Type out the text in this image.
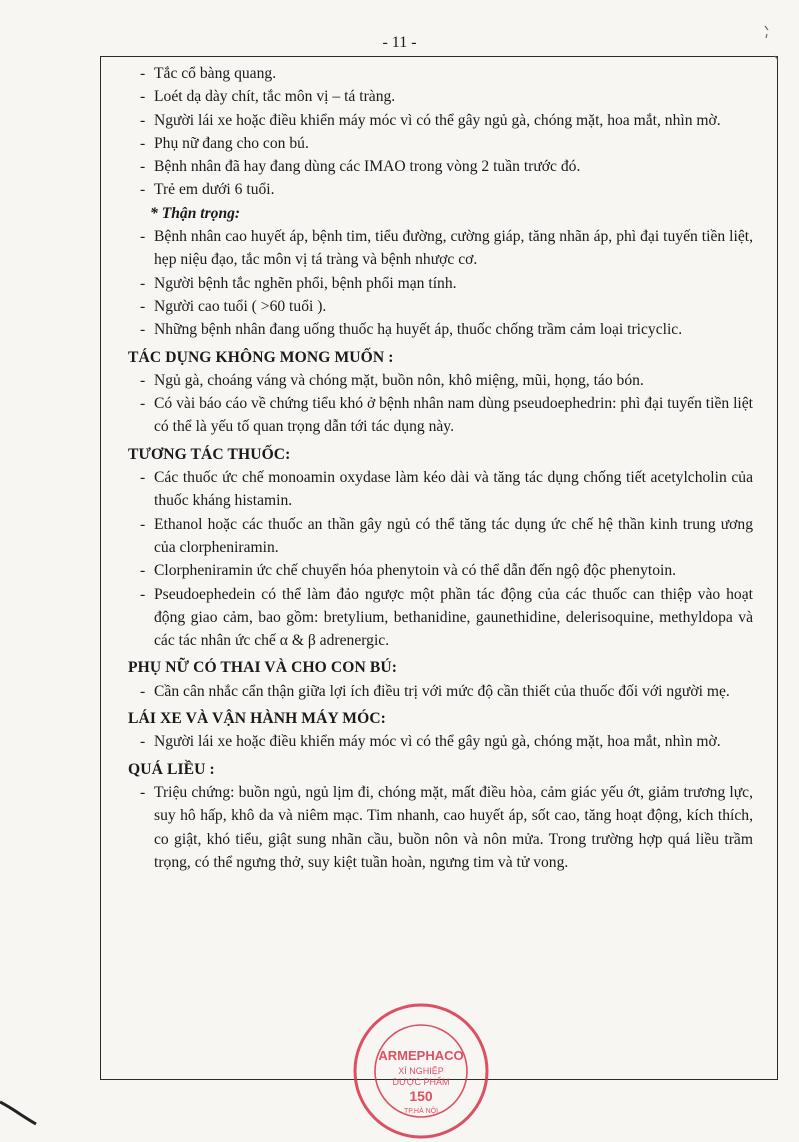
- 11 -
- Tắc cổ bàng quang.
- Loét dạ dày chít, tắc môn vị – tá tràng.
- Người lái xe hoặc điều khiển máy móc vì có thể gây ngủ gà, chóng mặt, hoa mắt, nhìn mờ.
- Phụ nữ đang cho con bú.
- Bệnh nhân đã hay đang dùng các IMAO trong vòng 2 tuần trước đó.
- Trẻ em dưới 6 tuổi.
* Thận trọng:
- Bệnh nhân cao huyết áp, bệnh tim, tiểu đường, cường giáp, tăng nhãn áp, phì đại tuyến tiền liệt, hẹp niệu đạo, tắc môn vị tá tràng và bệnh nhược cơ.
- Người bệnh tắc nghẽn phổi, bệnh phổi mạn tính.
- Người cao tuổi ( >60 tuổi ).
- Những bệnh nhân đang uống thuốc hạ huyết áp, thuốc chống trầm cảm loại tricyclic.
TÁC DỤNG KHÔNG MONG MUỐN :
- Ngủ gà, choáng váng và chóng mặt, buồn nôn, khô miệng, mũi, họng, táo bón.
- Có vài báo cáo về chứng tiểu khó ở bệnh nhân nam dùng pseudoephedrin: phì đại tuyến tiền liệt có thể là yếu tố quan trọng dẫn tới tác dụng này.
TƯƠNG TÁC THUỐC:
- Các thuốc ức chế monoamin oxydase làm kéo dài và tăng tác dụng chống tiết acetylcholin của thuốc kháng histamin.
- Ethanol hoặc các thuốc an thần gây ngủ có thể tăng tác dụng ức chế hệ thần kinh trung ương của clorpheniramin.
- Clorpheniramin ức chế chuyển hóa phenytoin và có thể dẫn đến ngộ độc phenytoin.
- Pseudoephedein có thể làm đảo ngược một phần tác động của các thuốc can thiệp vào hoạt động giao cảm, bao gồm: bretylium, bethanidine, gaunethidine, delerisoquine, methyldopa và các tác nhân ức chế α & β adrenergic.
PHỤ NỮ CÓ THAI VÀ CHO CON BÚ:
- Cần cân nhắc cẩn thận giữa lợi ích điều trị với mức độ cần thiết của thuốc đối với người mẹ.
LÁI XE VÀ VẬN HÀNH MÁY MÓC:
- Người lái xe hoặc điều khiển máy móc vì có thể gây ngủ gà, chóng mặt, hoa mắt, nhìn mờ.
QUÁ LIỀU :
- Triệu chứng: buồn ngủ, ngủ lịm đi, chóng mặt, mất điều hòa, cảm giác yếu ớt, giảm trương lực, suy hô hấp, khô da và niêm mạc. Tim nhanh, cao huyết áp, sốt cao, tăng hoạt động, kích thích, co giật, khó tiểu, giật sung nhãn cầu, buồn nôn và nôn mửa. Trong trường hợp quá liều trầm trọng, có thể ngưng thở, suy kiệt tuần hoàn, ngưng tim và tử vong.
ARMEPHACO
XÍ NGHIỆP
DƯỢC PHẨM
150
TP.HÀ NỘI
